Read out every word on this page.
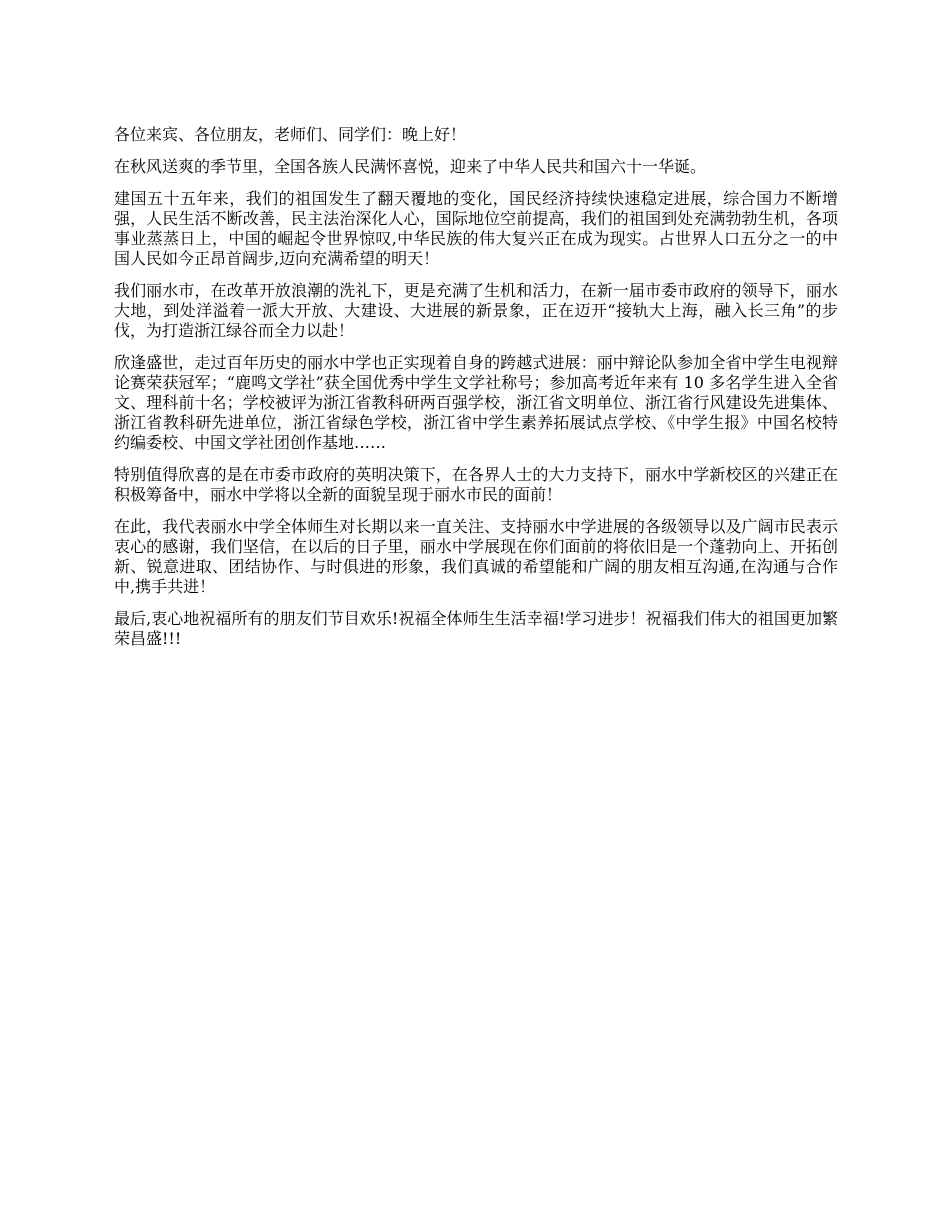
各位来宾、各位朋友，老师们、同学们：晚上好！

在秋风送爽的季节里，全国各族人民满怀喜悦，迎来了中华人民共和国六十一华诞。

建国五十五年来，我们的祖国发生了翻天覆地的变化，国民经济持续快速稳定进展，综合国力不断增强，人民生活不断改善，民主法治深化人心，国际地位空前提高，我们的祖国到处充满勃勃生机，各项事业蒸蒸日上，中国的崛起令世界惊叹,中华民族的伟大复兴正在成为现实。占世界人口五分之一的中国人民如今正昂首阔步,迈向充满希望的明天！

我们丽水市，在改革开放浪潮的洗礼下，更是充满了生机和活力，在新一届市委市政府的领导下，丽水大地，到处洋溢着一派大开放、大建设、大进展的新景象，正在迈开“接轨大上海，融入长三角”的步伐，为打造浙江绿谷而全力以赴！

欣逢盛世，走过百年历史的丽水中学也正实现着自身的跨越式进展：丽中辩论队参加全省中学生电视辩论赛荣获冠军；“鹿鸣文学社”获全国优秀中学生文学社称号；参加高考近年来有 10 多名学生进入全省文、理科前十名；学校被评为浙江省教科研两百强学校，浙江省文明单位、浙江省行风建设先进集体、浙江省教科研先进单位，浙江省绿色学校，浙江省中学生素养拓展试点学校、《中学生报》中国名校特约编委校、中国文学社团创作基地……

特别值得欣喜的是在市委市政府的英明决策下，在各界人士的大力支持下，丽水中学新校区的兴建正在积极筹备中，丽水中学将以全新的面貌呈现于丽水市民的面前！

在此，我代表丽水中学全体师生对长期以来一直关注、支持丽水中学进展的各级领导以及广阔市民表示衷心的感谢，我们坚信，在以后的日子里，丽水中学展现在你们面前的将依旧是一个蓬勃向上、开拓创新、锐意进取、团结协作、与时俱进的形象，我们真诚的希望能和广阔的朋友相互沟通,在沟通与合作中,携手共进！

最后,衷心地祝福所有的朋友们节目欢乐!祝福全体师生生活幸福!学习进步！祝福我们伟大的祖国更加繁荣昌盛!!!
